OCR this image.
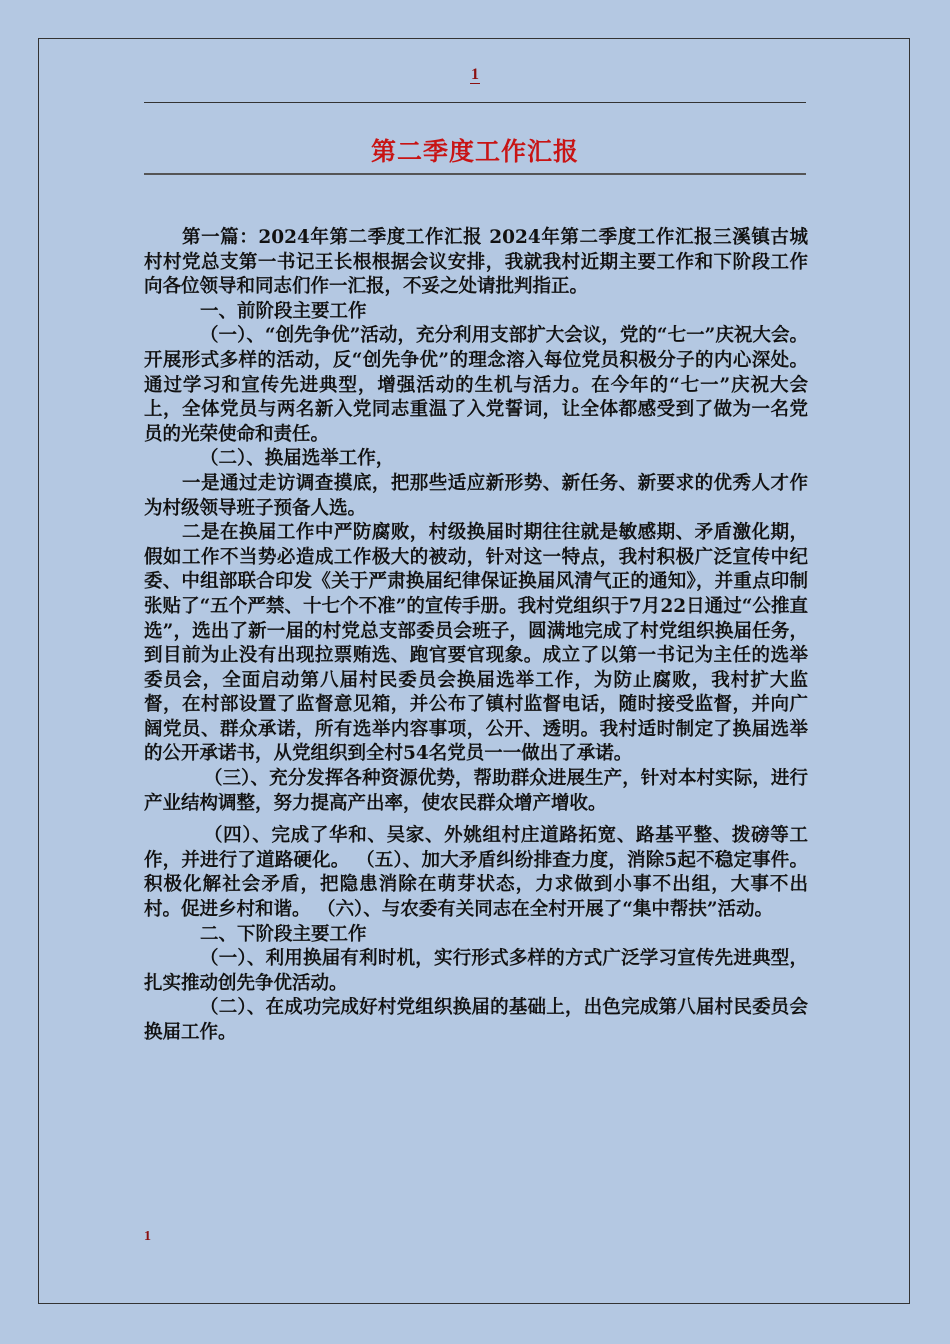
1
第二季度工作汇报

第一篇：2024年第二季度工作汇报 2024年第二季度工作汇报三溪镇古城村村党总支第一书记王长根根据会议安排，我就我村近期主要工作和下阶段工作向各位领导和同志们作一汇报，不妥之处请批判指正。

一、前阶段主要工作

（一）、“创先争优”活动，充分利用支部扩大会议，党的“七一”庆祝大会。开展形式多样的活动，反“创先争优”的理念溶入每位党员积极分子的内心深处。通过学习和宣传先进典型，增强活动的生机与活力。在今年的“七一”庆祝大会上，全体党员与两名新入党同志重温了入党誓词，让全体都感受到了做为一名党员的光荣使命和责任。

（二）、换届选举工作，

一是通过走访调查摸底，把那些适应新形势、新任务、新要求的优秀人才作为村级领导班子预备人选。

二是在换届工作中严防腐败，村级换届时期往往就是敏感期、矛盾激化期，假如工作不当势必造成工作极大的被动，针对这一特点，我村积极广泛宣传中纪委、中组部联合印发《关于严肃换届纪律保证换届风清气正的通知》，并重点印制张贴了“五个严禁、十七个不准”的宣传手册。我村党组织于7月22日通过“公推直选”，选出了新一届的村党总支部委员会班子，圆满地完成了村党组织换届任务，到目前为止没有出现拉票贿选、跑官要官现象。成立了以第一书记为主任的选举委员会，全面启动第八届村民委员会换届选举工作，为防止腐败，我村扩大监督，在村部设置了监督意见箱，并公布了镇村监督电话，随时接受监督，并向广阔党员、群众承诺，所有选举内容事项，公开、透明。我村适时制定了换届选举的公开承诺书，从党组织到全村54名党员一一做出了承诺。

（三）、充分发挥各种资源优势，帮助群众进展生产，针对本村实际，进行产业结构调整，努力提高产出率，使农民群众增产增收。

（四）、完成了华和、吴家、外姚组村庄道路拓宽、路基平整、拨磅等工作，并进行了道路硬化。 （五）、加大矛盾纠纷排查力度，消除5起不稳定事件。积极化解社会矛盾，把隐患消除在萌芽状态，力求做到小事不出组，大事不出村。促进乡村和谐。 （六）、与农委有关同志在全村开展了“集中帮扶”活动。

二、下阶段主要工作

（一）、利用换届有利时机，实行形式多样的方式广泛学习宣传先进典型，扎实推动创先争优活动。

（二）、在成功完成好村党组织换届的基础上，出色完成第八届村民委员会换届工作。

1
